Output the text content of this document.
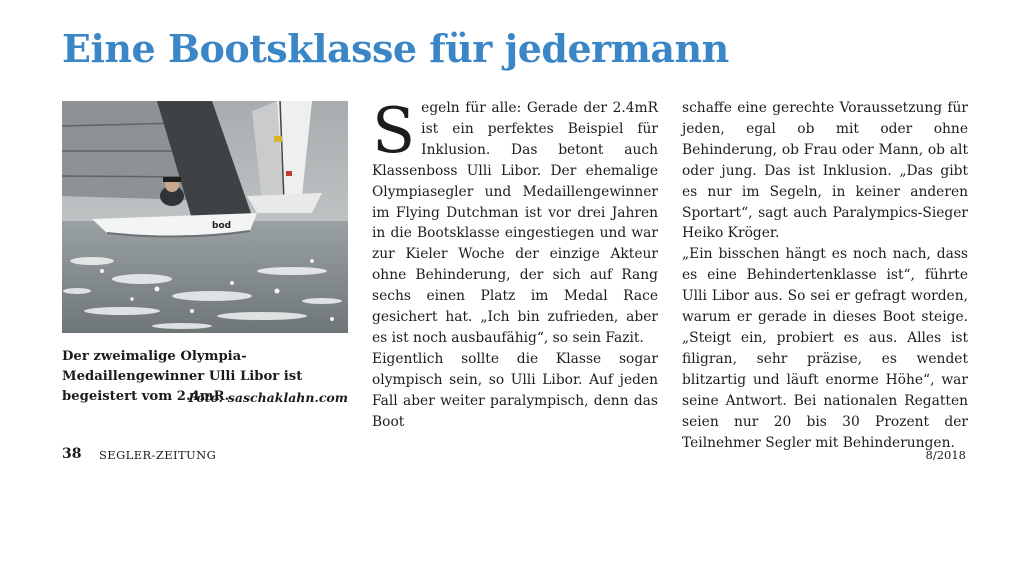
Eine Bootsklasse für jedermann
bod

Der zweimalige Olympia-Medaillengewinner Ulli Libor ist begeistert vom 2.4mR.

Foto: saschaklahn.com
S egeln für alle: Gerade der 2.4mR ist ein perfektes Beispiel für Inklusion. Das betont auch Klassenboss Ulli Libor. Der ehemalige Olympiasegler und Medaillengewinner im Flying Dutchman ist vor drei Jahren in die Bootsklasse eingestiegen und war zur Kieler Woche der einzige Akteur ohne Behinderung, der sich auf Rang sechs einen Platz im Medal Race gesichert hat. „Ich bin zufrieden, aber es ist noch ausbaufähig“, so sein Fazit.

Eigentlich sollte die Klasse sogar olympisch sein, so Ulli Libor. Auf jeden Fall aber weiter paralympisch, denn das Boot

schaffe eine gerechte Voraussetzung für jeden, egal ob mit oder ohne Behinderung, ob Frau oder Mann, ob alt oder jung. Das ist Inklusion. „Das gibt es nur im Segeln, in keiner anderen Sportart“, sagt auch Paralympics-Sieger Heiko Kröger.

„Ein bisschen hängt es noch nach, dass es eine Behindertenklasse ist“, führte Ulli Libor aus. So sei er gefragt worden, warum er gerade in dieses Boot steige. „Steigt ein, probiert es aus. Alles ist filigran, sehr präzise, es wendet blitzartig und läuft enorme Höhe“, war seine Antwort. Bei nationalen Regatten seien nur 20 bis 30 Prozent der Teilnehmer Segler mit Behinderungen.

38 SEGLER-ZEITUNG	8/2018
